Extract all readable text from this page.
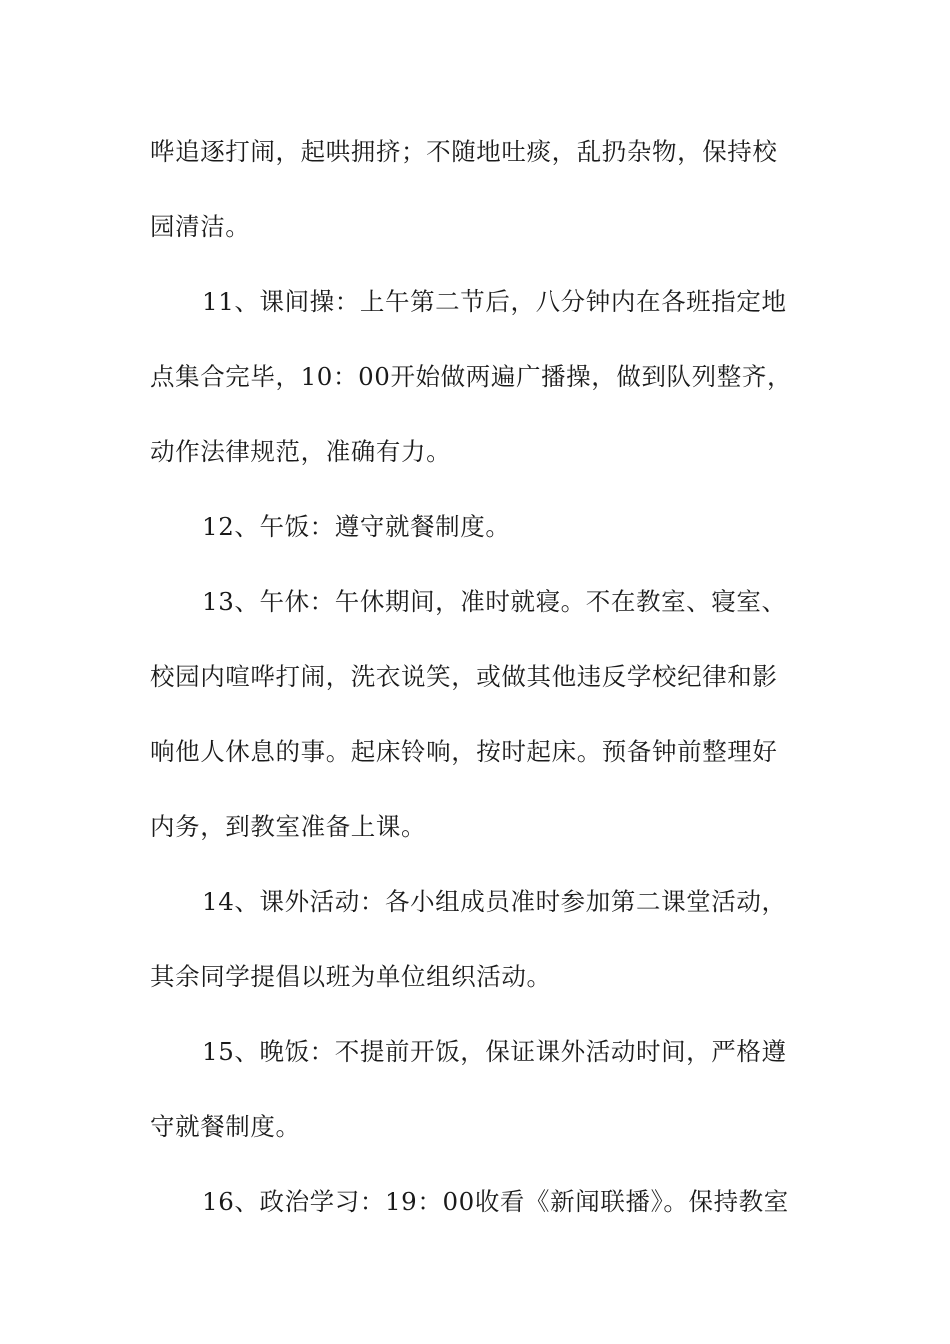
哗追逐打闹，起哄拥挤；不随地吐痰，乱扔杂物，保持校
园清洁。
11、课间操：上午第二节后，八分钟内在各班指定地
点集合完毕，10：00开始做两遍广播操，做到队列整齐，
动作法律规范，准确有力。
12、午饭：遵守就餐制度。
13、午休：午休期间，准时就寝。不在教室、寝室、
校园内喧哗打闹，洗衣说笑，或做其他违反学校纪律和影
响他人休息的事。起床铃响，按时起床。预备钟前整理好
内务，到教室准备上课。
14、课外活动：各小组成员准时参加第二课堂活动，
其余同学提倡以班为单位组织活动。
15、晚饭：不提前开饭，保证课外活动时间，严格遵
守就餐制度。
16、政治学习：19：00收看《新闻联播》。保持教室
